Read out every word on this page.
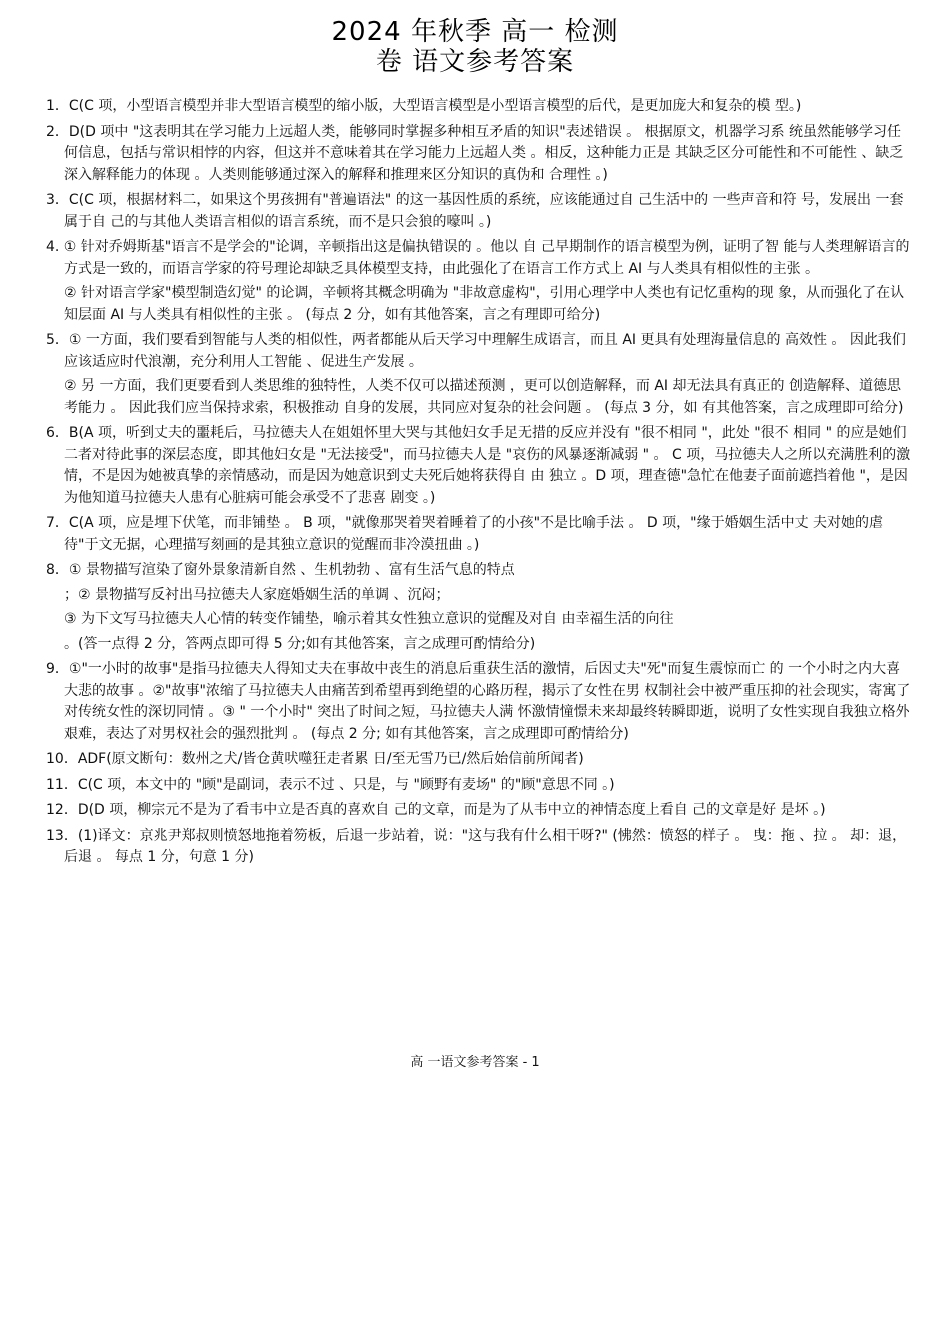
2024 年秋季 高一 检测
卷 语文参考答案

1．C(C 项，小型语言模型并非大型语言模型的缩小版，大型语言模型是小型语言模型的后代，是更加庞大和复杂的模 型。)

2．D(D 项中 "这表明其在学习能力上远超人类，能够同时掌握多种相互矛盾的知识"表述错误 。 根据原文，机器学习系 统虽然能够学习任何信息，包括与常识相悖的内容，但这并不意味着其在学习能力上远超人类 。相反，这种能力正是 其缺乏区分可能性和不可能性 、缺乏深入解释能力的体现 。人类则能够通过深入的解释和推理来区分知识的真伪和 合理性 。)

3．C(C 项，根据材料二，如果这个男孩拥有"普遍语法" 的这一基因性质的系统，应该能通过自 己生活中的 一些声音和符 号，发展出 一套属于自 己的与其他人类语言相似的语言系统，而不是只会狼的嚎叫 。)

4. ① 针对乔姆斯基"语言不是学会的"论调，辛顿指出这是偏执错误的 。他以 自 己早期制作的语言模型为例，证明了智 能与人类理解语言的方式是一致的，而语言学家的符号理论却缺乏具体模型支持，由此强化了在语言工作方式上 AI 与人类具有相似性的主张 。

② 针对语言学家"模型制造幻觉" 的论调，辛顿将其概念明确为 "非故意虚构"，引用心理学中人类也有记忆重构的现 象，从而强化了在认知层面 AI 与人类具有相似性的主张 。 (每点 2 分，如有其他答案，言之有理即可给分)

5．① 一方面，我们要看到智能与人类的相似性，两者都能从后天学习中理解生成语言，而且 AI 更具有处理海量信息的 高效性 。 因此我们应该适应时代浪潮，充分利用人工智能 、促进生产发展 。

② 另 一方面，我们更要看到人类思维的独特性，人类不仅可以描述预测 ，更可以创造解释，而 AI 却无法具有真正的 创造解释、道德思考能力 。 因此我们应当保持求索，积极推动 自身的发展，共同应对复杂的社会问题 。 (每点 3 分，如 有其他答案，言之成理即可给分)

6．B(A 项，听到丈夫的噩耗后，马拉德夫人在姐姐怀里大哭与其他妇女手足无措的反应并没有 "很不相同 "，此处 "很不 相同 " 的应是她们二者对待此事的深层态度，即其他妇女是 "无法接受"，而马拉德夫人是 "哀伤的风暴逐渐减弱 " 。 C 项，马拉德夫人之所以充满胜利的激情，不是因为她被真挚的亲情感动，而是因为她意识到丈夫死后她将获得自 由 独立 。D 项，理查德"急忙在他妻子面前遮挡着他 "，是因为他知道马拉德夫人患有心脏病可能会承受不了悲喜 剧变 。)

7．C(A 项，应是埋下伏笔，而非铺垫 。 B 项，"就像那哭着哭着睡着了的小孩"不是比喻手法 。 D 项，"缘于婚姻生活中丈 夫对她的虐待"于文无据，心理描写刻画的是其独立意识的觉醒而非冷漠扭曲 。)

8．① 景物描写渲染了窗外景象清新自然 、生机勃勃 、富有生活气息的特点

；② 景物描写反衬出马拉德夫人家庭婚姻生活的单调 、沉闷；

③ 为下文写马拉德夫人心情的转变作铺垫，喻示着其女性独立意识的觉醒及对自 由幸福生活的向往

。(答一点得 2 分，答两点即可得 5 分;如有其他答案，言之成理可酌情给分)

9．①"一小时的故事"是指马拉德夫人得知丈夫在事故中丧生的消息后重获生活的激情，后因丈夫"死"而复生震惊而亡 的 一个小时之内大喜大悲的故事 。②"故事"浓缩了马拉德夫人由痛苦到希望再到绝望的心路历程，揭示了女性在男 权制社会中被严重压抑的社会现实，寄寓了对传统女性的深切同情 。③ " 一个小时" 突出了时间之短，马拉德夫人满 怀激情憧憬未来却最终转瞬即逝，说明了女性实现自我独立格外艰难，表达了对男权社会的强烈批判 。 (每点 2 分; 如有其他答案，言之成理即可酌情给分)

10．ADF(原文断句：数州之犬/皆仓黄吠噬狂走者累 日/至无雪乃已/然后始信前所闻者)

11．C(C 项，本文中的 "顾"是副词，表示不过 、只是，与 "顾野有麦场" 的"顾"意思不同 。)

12．D(D 项，柳宗元不是为了看韦中立是否真的喜欢自 己的文章，而是为了从韦中立的神情态度上看自 己的文章是好 是坏 。)

13．(1)译文：京兆尹郑叔则愤怒地拖着笏板，后退一步站着，说："这与我有什么相干呀?" (怫然：愤怒的样子 。 曳：拖 、拉 。 却：退，后退 。 每点 1 分，句意 1 分)

高 一语文参考答案 - 1
